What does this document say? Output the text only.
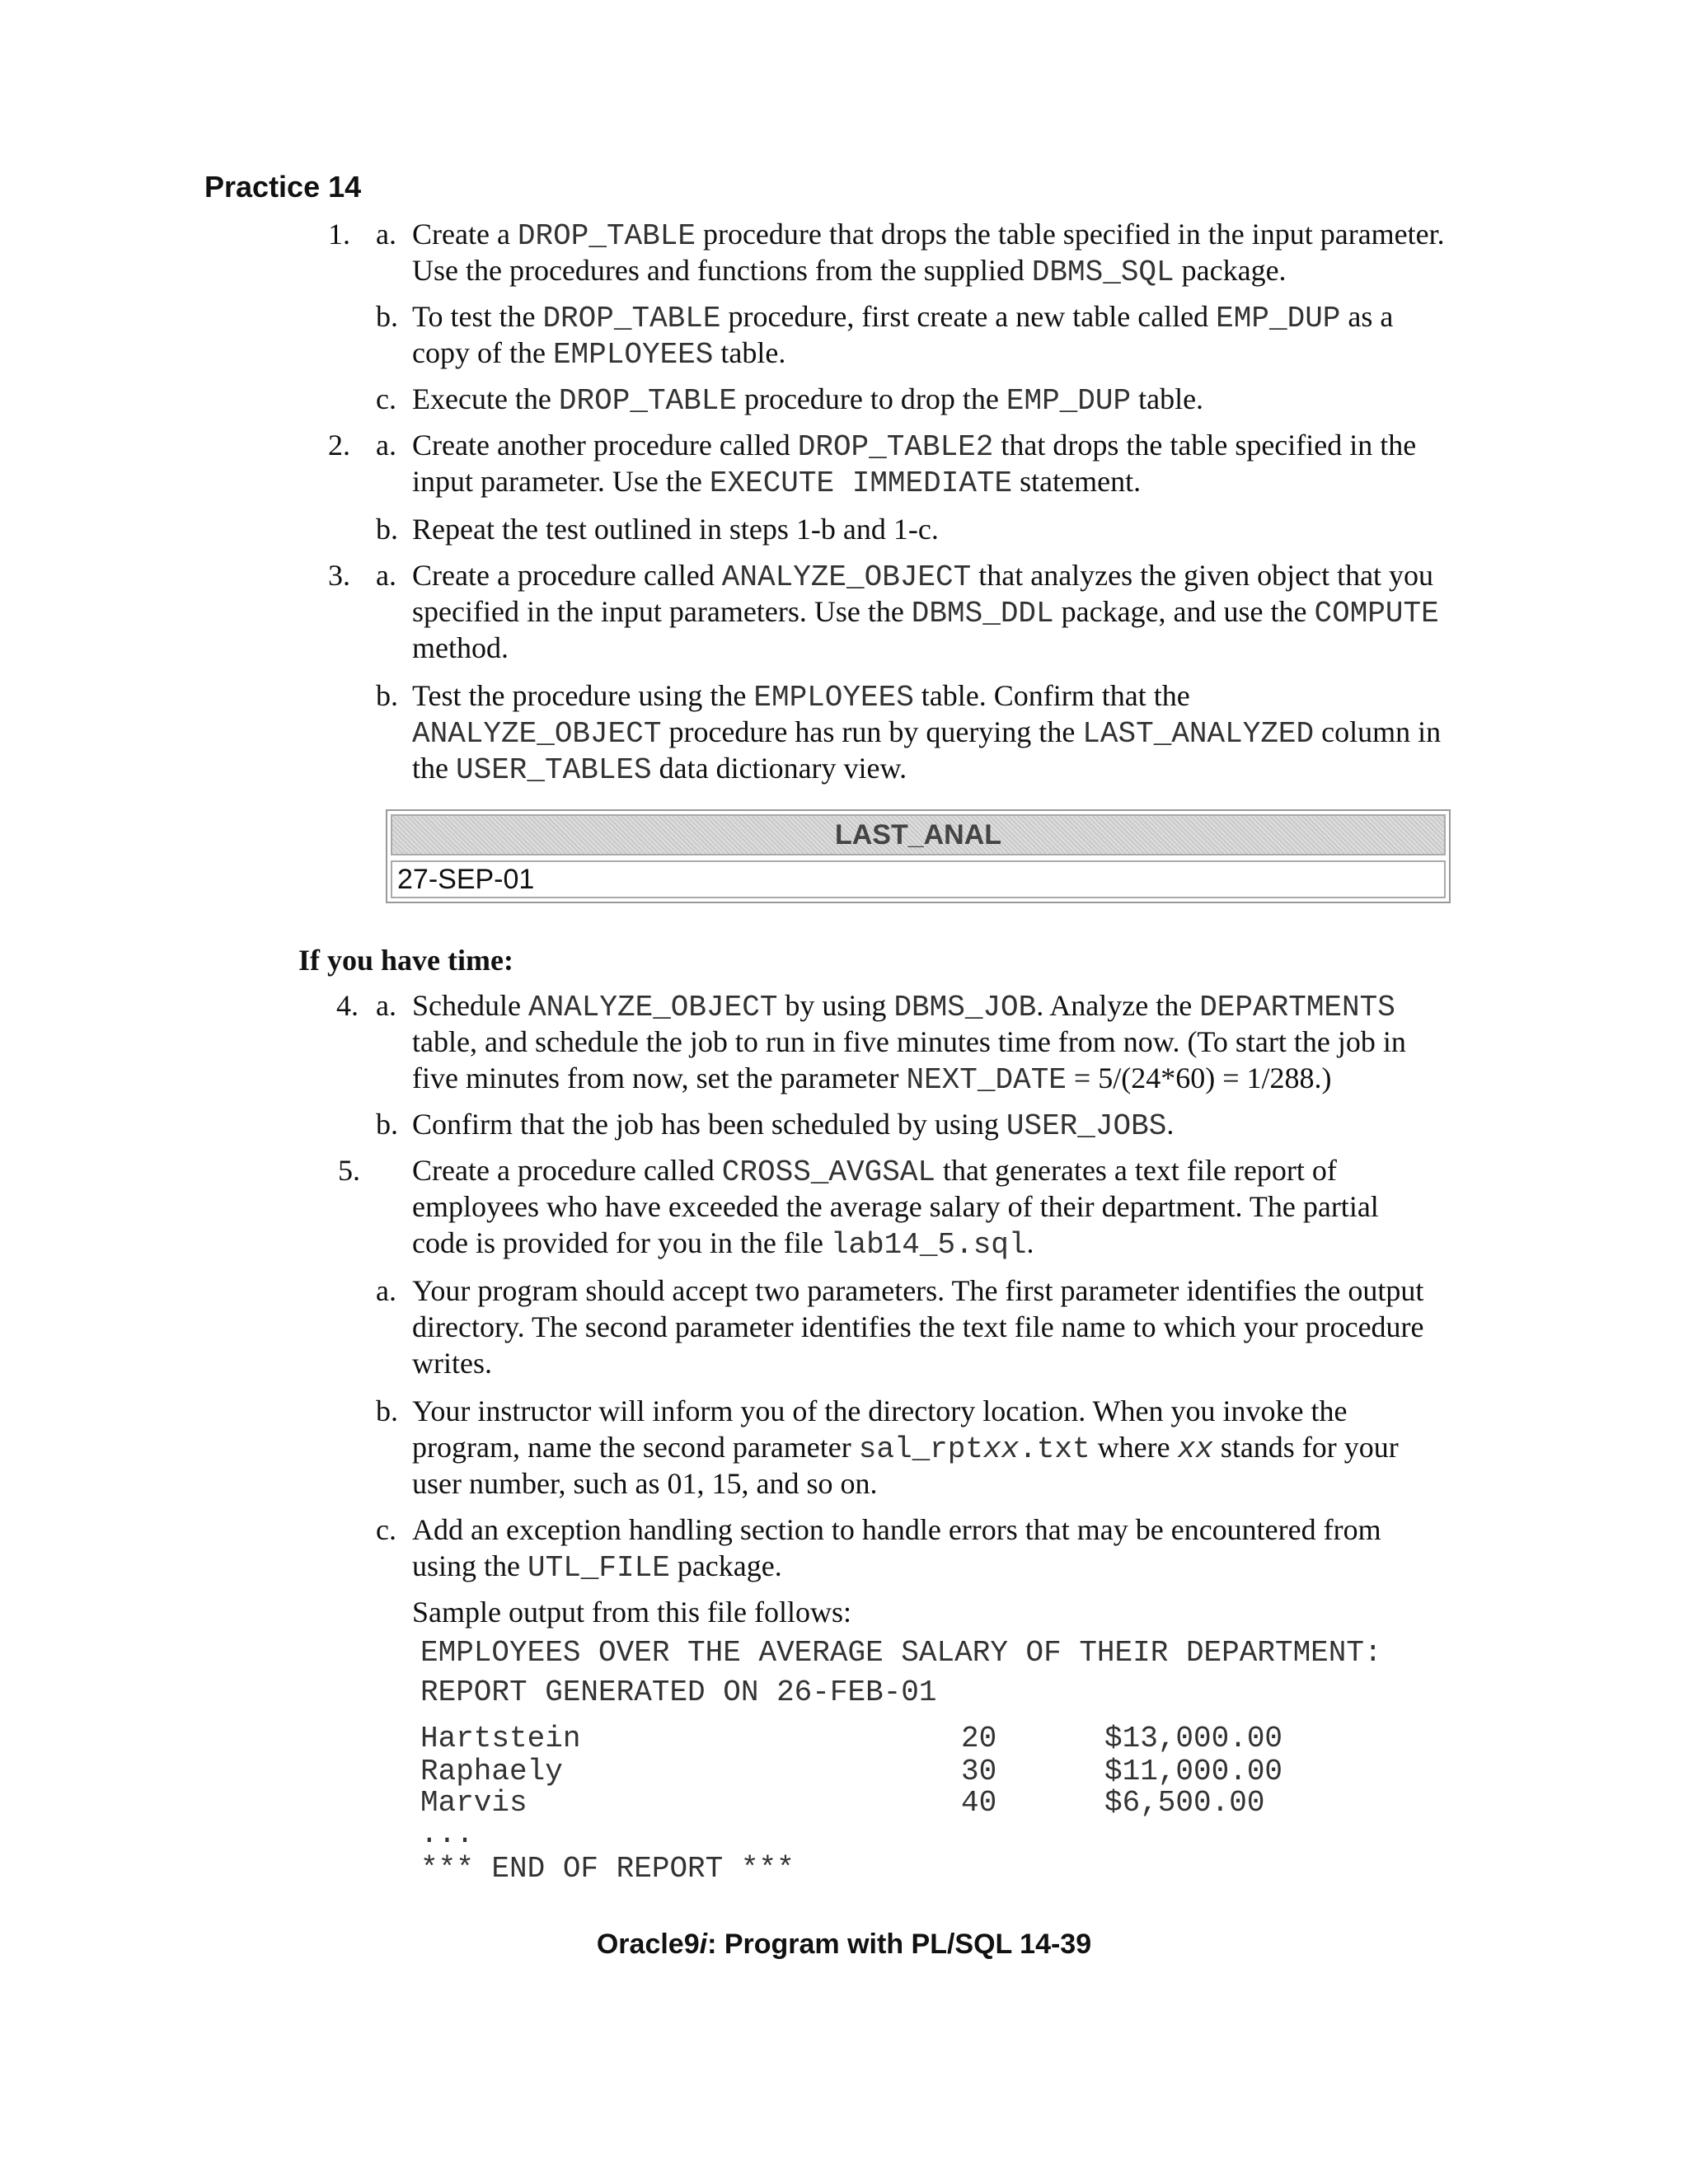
Practice 14
1. a. Create a DROP_TABLE procedure that drops the table specified in the input parameter.
Use the procedures and functions from the supplied DBMS_SQL package.
b. To test the DROP_TABLE procedure, first create a new table called EMP_DUP as a
copy of the EMPLOYEES table.
c. Execute the DROP_TABLE procedure to drop the EMP_DUP table.
2. a. Create another procedure called DROP_TABLE2 that drops the table specified in the
input parameter. Use the EXECUTE IMMEDIATE statement.
b. Repeat the test outlined in steps 1-b and 1-c.
3. a. Create a procedure called ANALYZE_OBJECT that analyzes the given object that you
specified in the input parameters. Use the DBMS_DDL package, and use the COMPUTE
method.
b. Test the procedure using the EMPLOYEES table. Confirm that the
ANALYZE_OBJECT procedure has run by querying the LAST_ANALYZED column in
the USER_TABLES data dictionary view.
LAST_ANAL
27-SEP-01
If you have time:
4. a. Schedule ANALYZE_OBJECT by using DBMS_JOB. Analyze the DEPARTMENTS
table, and schedule the job to run in five minutes time from now. (To start the job in
five minutes from now, set the parameter NEXT_DATE = 5/(24*60) = 1/288.)
b. Confirm that the job has been scheduled by using USER_JOBS.
5. Create a procedure called CROSS_AVGSAL that generates a text file report of
employees who have exceeded the average salary of their department. The partial
code is provided for you in the file lab14_5.sql.
a. Your program should accept two parameters. The first parameter identifies the output
directory. The second parameter identifies the text file name to which your procedure
writes.
b. Your instructor will inform you of the directory location. When you invoke the
program, name the second parameter sal_rptxx.txt where xx stands for your
user number, such as 01, 15, and so on.
c. Add an exception handling section to handle errors that may be encountered from
using the UTL_FILE package.
Sample output from this file follows:
EMPLOYEES OVER THE AVERAGE SALARY OF THEIR DEPARTMENT:
REPORT GENERATED ON 26-FEB-01
Hartstein	20	$13,000.00
Raphaely	30	$11,000.00
Marvis	40	$6,500.00
...
*** END OF REPORT ***
Oracle9i: Program with PL/SQL 14-39
